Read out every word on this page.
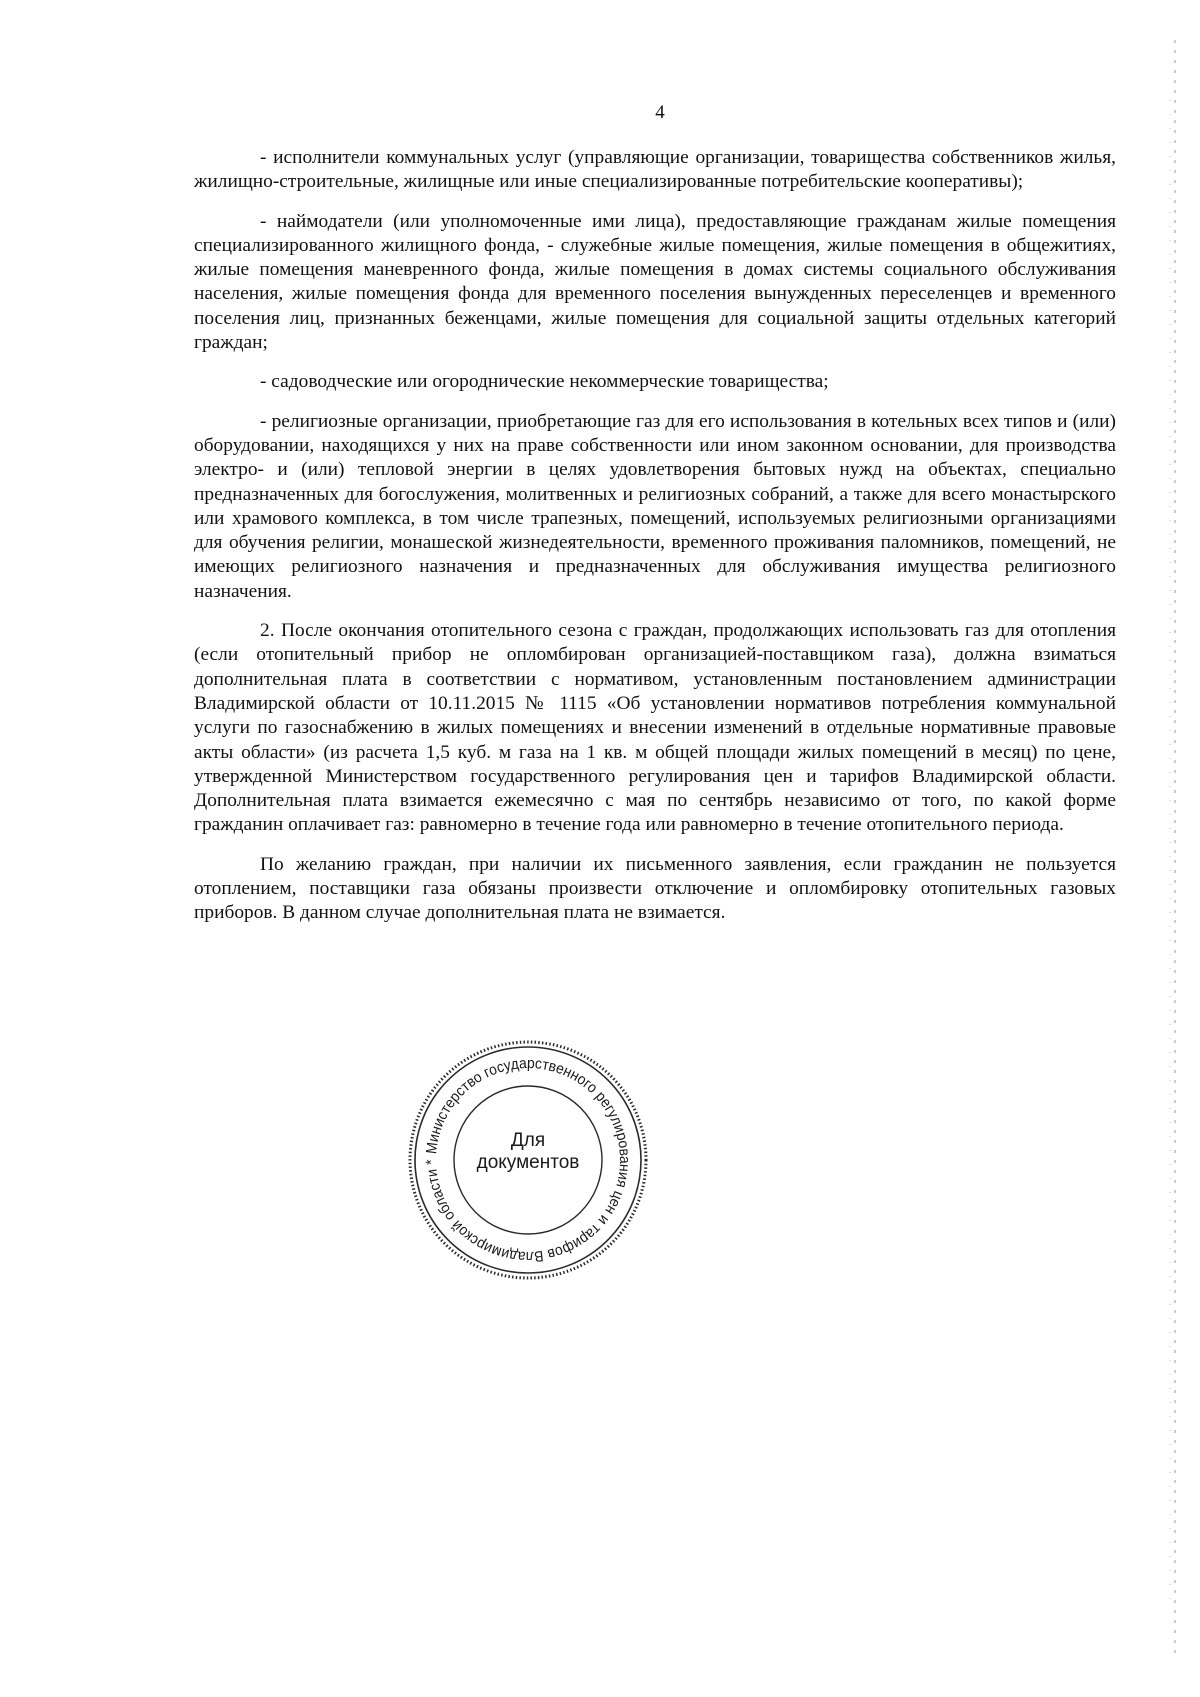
4

- исполнители коммунальных услуг (управляющие организации, товарищества собственников жилья, жилищно-строительные, жилищные или иные специализированные потребительские кооперативы);

- наймодатели (или уполномоченные ими лица), предоставляющие гражданам жилые помещения специализированного жилищного фонда, - служебные жилые помещения, жилые помещения в общежитиях, жилые помещения маневренного фонда, жилые помещения в домах системы социального обслуживания населения, жилые помещения фонда для временного поселения вынужденных переселенцев и временного поселения лиц, признанных беженцами, жилые помещения для социальной защиты отдельных категорий граждан;

- садоводческие или огороднические некоммерческие товарищества;

- религиозные организации, приобретающие газ для его использования в котельных всех типов и (или) оборудовании, находящихся у них на праве собственности или ином законном основании, для производства электро- и (или) тепловой энергии в целях удовлетворения бытовых нужд на объектах, специально предназначенных для богослужения, молитвенных и религиозных собраний, а также для всего монастырского или храмового комплекса, в том числе трапезных, помещений, используемых религиозными организациями для обучения религии, монашеской жизнедеятельности, временного проживания паломников, помещений, не имеющих религиозного назначения и предназначенных для обслуживания имущества религиозного назначения.

2. После окончания отопительного сезона с граждан, продолжающих использовать газ для отопления (если отопительный прибор не опломбирован организацией-поставщиком газа), должна взиматься дополнительная плата в соответствии с нормативом, установленным постановлением администрации Владимирской области от 10.11.2015 № 1115 «Об установлении нормативов потребления коммунальной услуги по газоснабжению в жилых помещениях и внесении изменений в отдельные нормативные правовые акты области» (из расчета 1,5 куб. м газа на 1 кв. м общей площади жилых помещений в месяц) по цене, утвержденной Министерством государственного регулирования цен и тарифов Владимирской области. Дополнительная плата взимается ежемесячно с мая по сентябрь независимо от того, по какой форме гражданин оплачивает газ: равномерно в течение года или равномерно в течение отопительного периода.

По желанию граждан, при наличии их письменного заявления, если гражданин не пользуется отоплением, поставщики газа обязаны произвести отключение и опломбировку отопительных газовых приборов. В данном случае дополнительная плата не взимается.

Министерство государственного регулирования цен и тарифов Владимирской области *
Для
документов
